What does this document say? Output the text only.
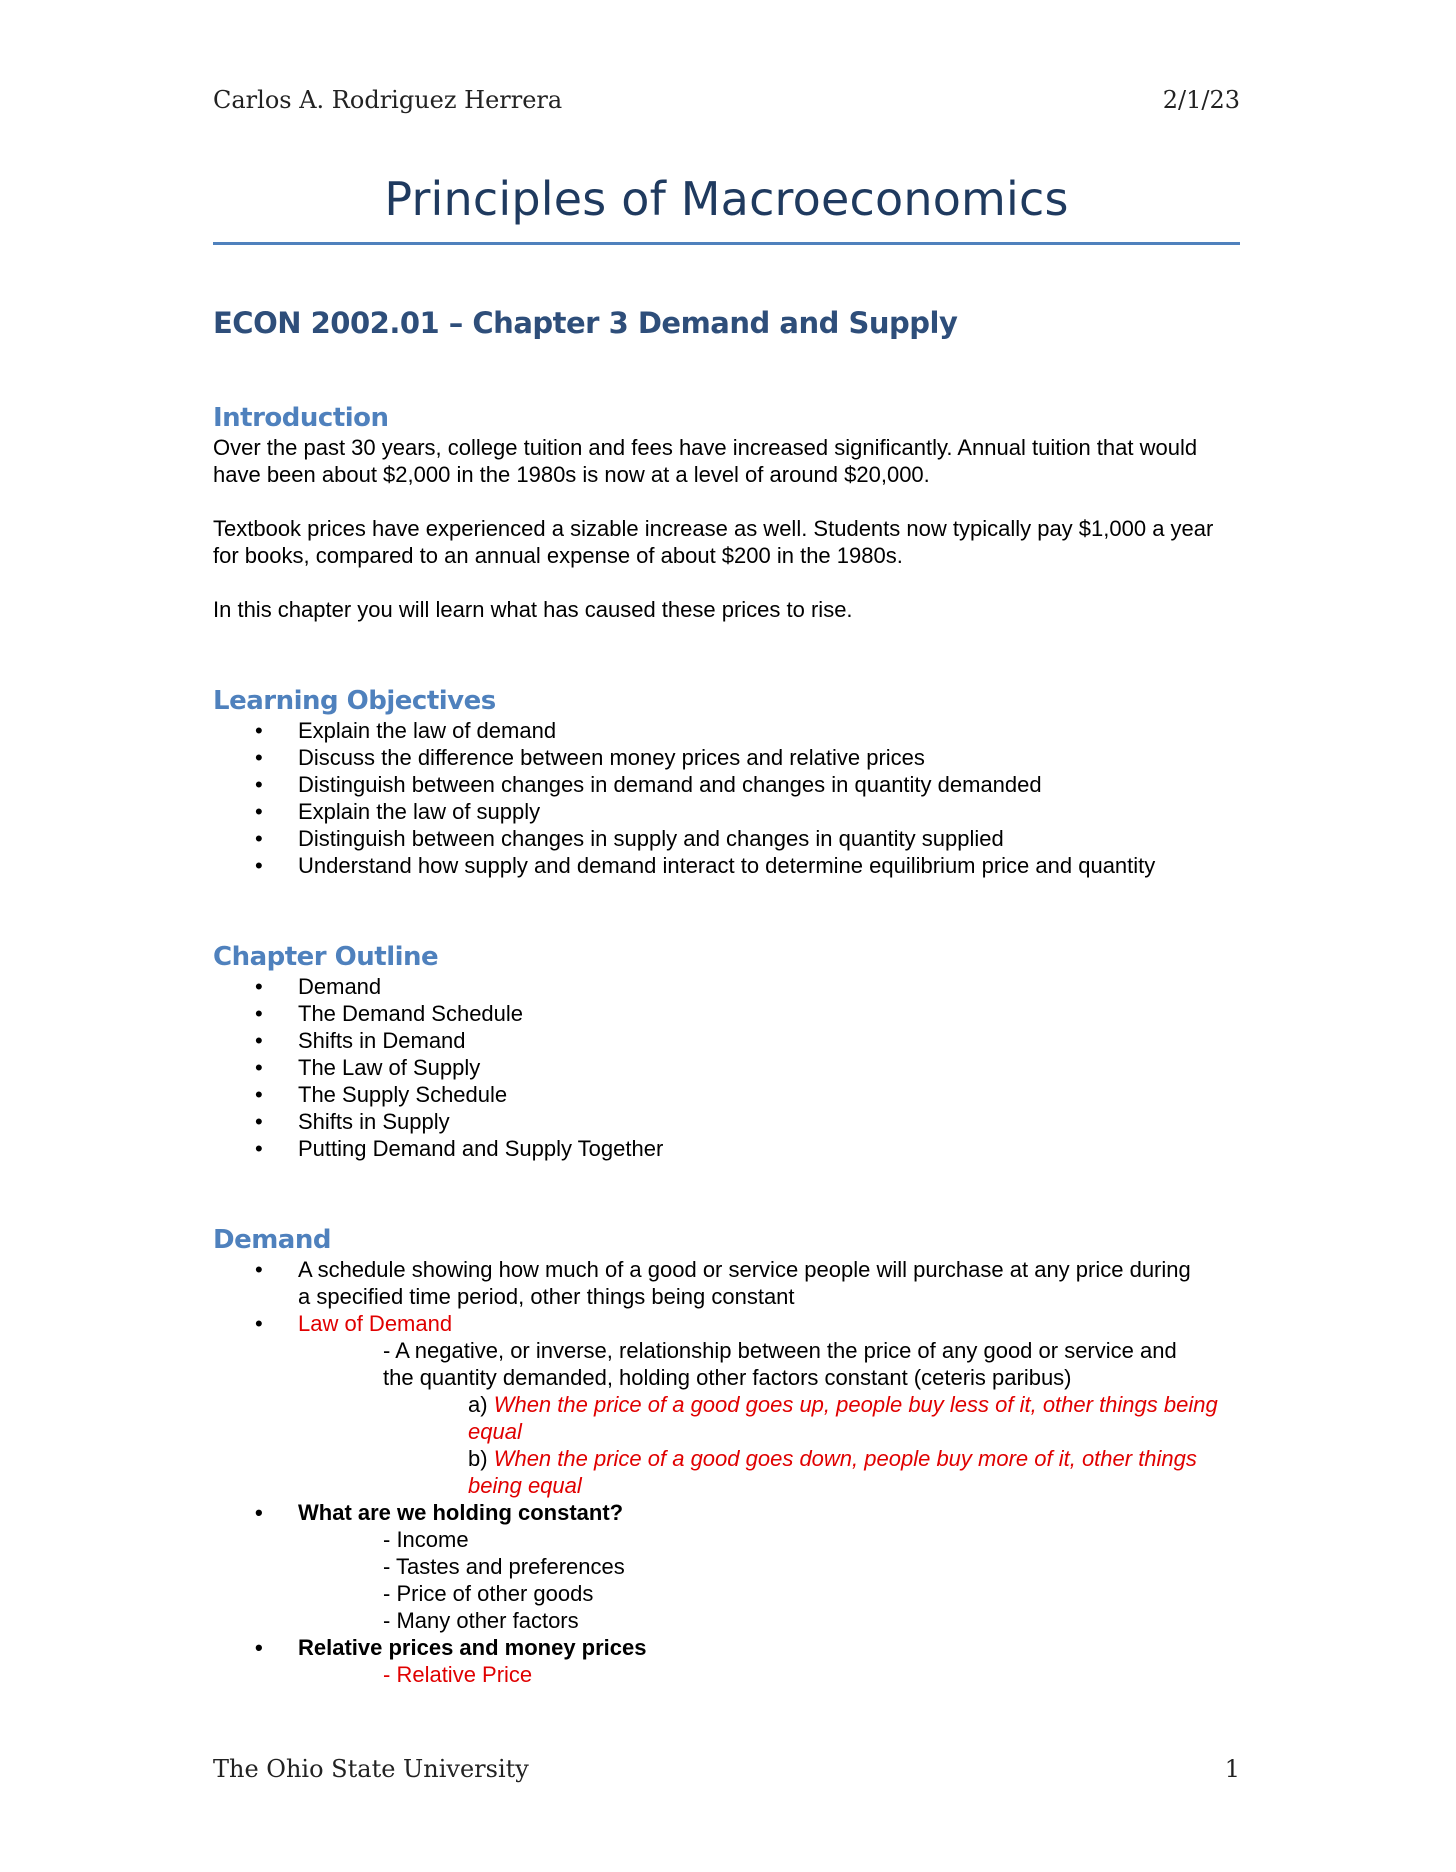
Carlos A. Rodriguez Herrera	2/1/23
Principles of Macroeconomics
ECON 2002.01 – Chapter 3 Demand and Supply
Introduction

Over the past 30 years, college tuition and fees have increased significantly. Annual tuition that would have been about $2,000 in the 1980s is now at a level of around $20,000.

Textbook prices have experienced a sizable increase as well. Students now typically pay $1,000 a year for books, compared to an annual expense of about $200 in the 1980s.

In this chapter you will learn what has caused these prices to rise.

Learning Objectives
• Explain the law of demand
• Discuss the difference between money prices and relative prices
• Distinguish between changes in demand and changes in quantity demanded
• Explain the law of supply
• Distinguish between changes in supply and changes in quantity supplied
• Understand how supply and demand interact to determine equilibrium price and quantity
Chapter Outline
• Demand
• The Demand Schedule
• Shifts in Demand
• The Law of Supply
• The Supply Schedule
• Shifts in Supply
• Putting Demand and Supply Together
Demand
• A schedule showing how much of a good or service people will purchase at any price during a specified time period, other things being constant
• Law of Demand
- A negative, or inverse, relationship between the price of any good or service and the quantity demanded, holding other factors constant (ceteris paribus)
a) When the price of a good goes up, people buy less of it, other things being equal
b) When the price of a good goes down, people buy more of it, other things being equal
• What are we holding constant?
- Income
- Tastes and preferences
- Price of other goods
- Many other factors
• Relative prices and money prices
- Relative Price
The Ohio State University	1
